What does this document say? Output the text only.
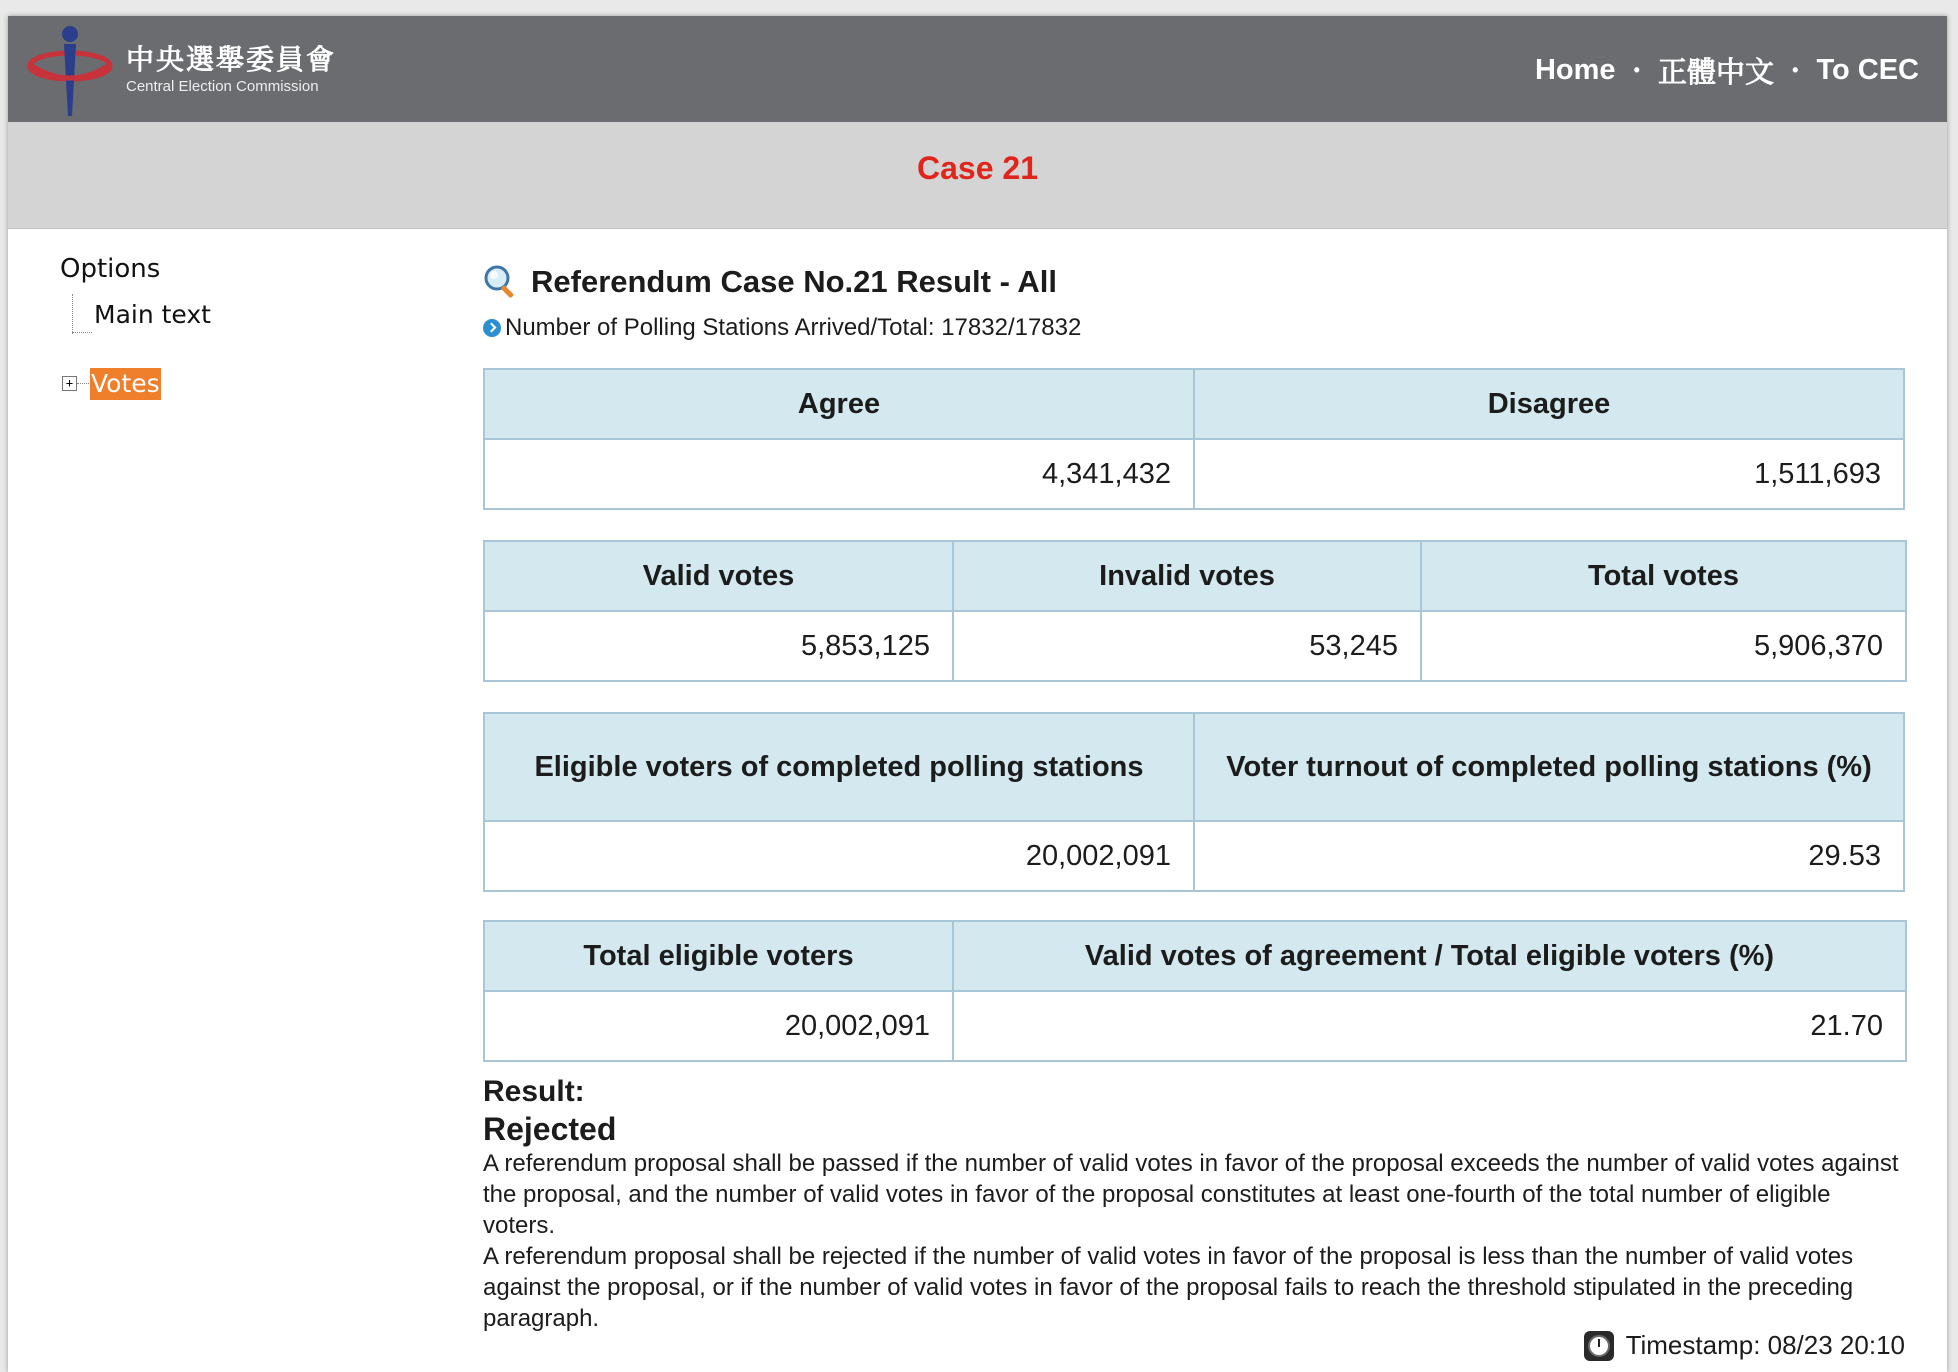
中央選舉委員會
Central Election Commission
Home • 正體中文 • To CEC
Case 21
Options
Main text
+ Votes
Referendum Case No.21 Result - All
Number of Polling Stations Arrived/Total: 17832/17832
Agree	Disagree
4,341,432	1,511,693
Valid votes	Invalid votes	Total votes
5,853,125	53,245	5,906,370
Eligible voters of completed polling stations	Voter turnout of completed polling stations (%)
20,002,091	29.53
Total eligible voters	Valid votes of agreement / Total eligible voters (%)
20,002,091	21.70
Result:
Rejected
A referendum proposal shall be passed if the number of valid votes in favor of the proposal exceeds the number of valid votes against the proposal, and the number of valid votes in favor of the proposal constitutes at least one-fourth of the total number of eligible voters.
A referendum proposal shall be rejected if the number of valid votes in favor of the proposal is less than the number of valid votes against the proposal, or if the number of valid votes in favor of the proposal fails to reach the threshold stipulated in the preceding paragraph.
Timestamp: 08/23 20:10
